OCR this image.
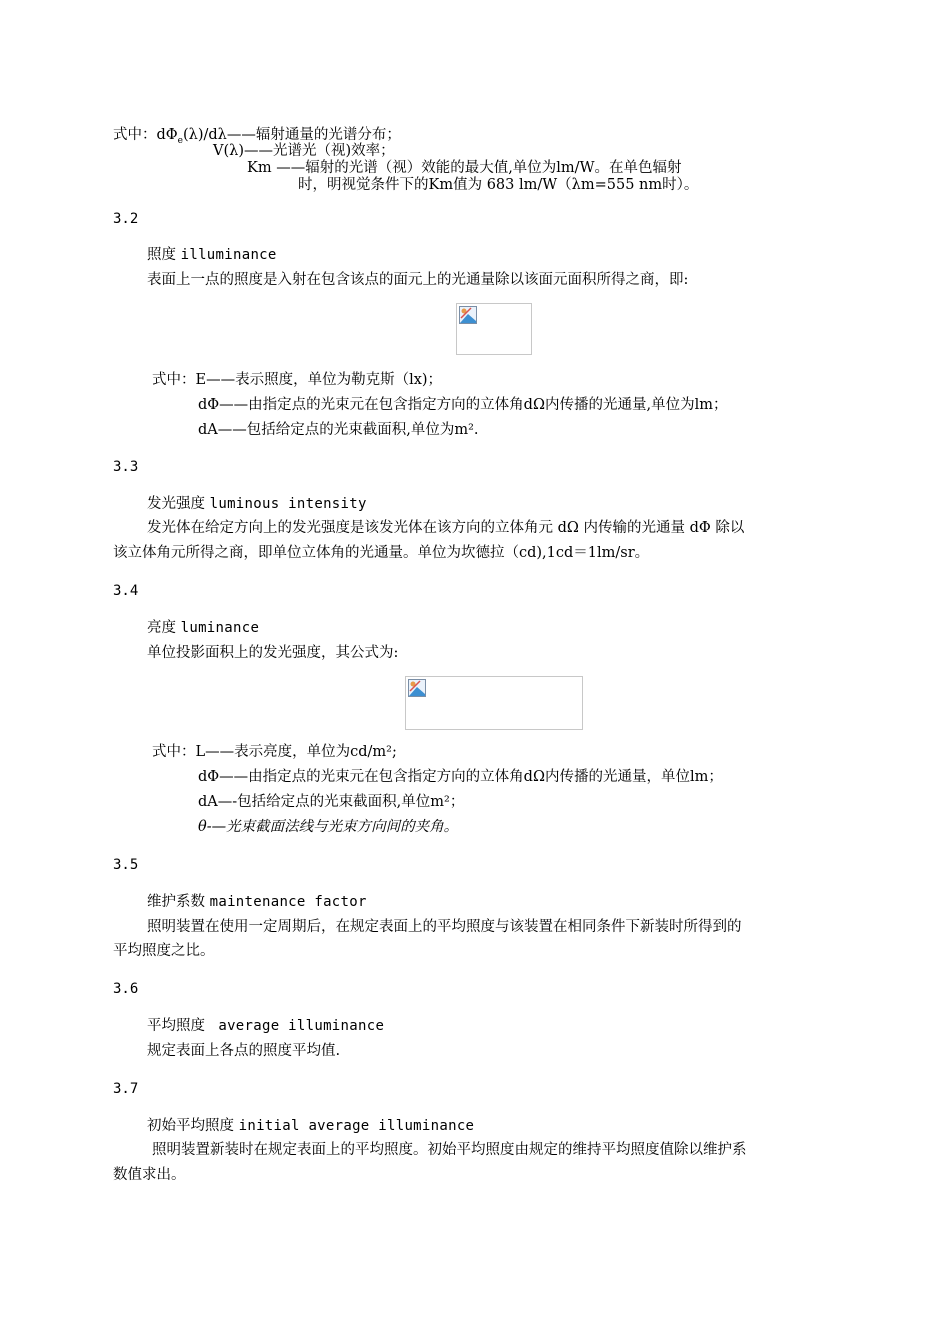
式中：$d\Phi_e(\lambda)/d\lambda——$辐射通量的光谱分布；
V(λ)——光谱光（视)效率；
Km ——辐射的光谱（视）效能的最大值,单位为lm/W。在单色辐射
时，明视觉条件下的Km值为 683 lm/W（λm=555 nm时）。
3.2
照度 illuminance
表面上一点的照度是入射在包含该点的面元上的光通量除以该面元面积所得之商，即:
式中：E——表示照度，单位为勒克斯（lx)；
dΦ——由指定点的光束元在包含指定方向的立体角dΩ内传播的光通量,单位为lm；
dA——包括给定点的光束截面积,单位为m².
3.3
发光强度 luminous intensity
发光体在给定方向上的发光强度是该发光体在该方向的立体角元 dΩ 内传输的光通量 dΦ 除以
该立体角元所得之商，即单位立体角的光通量。单位为坎德拉（cd),1cd＝1lm/sr。
3.4
亮度 luminance
单位投影面积上的发光强度，其公式为:
式中：L——表示亮度，单位为cd/m²;
dΦ——由指定点的光束元在包含指定方向的立体角dΩ内传播的光通量，单位lm；
dA—-包括给定点的光束截面积,单位m²；
θ-—光束截面法线与光束方向间的夹角。
3.5
维护系数 maintenance factor
照明装置在使用一定周期后，在规定表面上的平均照度与该装置在相同条件下新装时所得到的
平均照度之比。
3.6
平均照度  average illuminance
规定表面上各点的照度平均值.
3.7
初始平均照度 initial average illuminance
照明装置新装时在规定表面上的平均照度。初始平均照度由规定的维持平均照度值除以维护系
数值求出。
